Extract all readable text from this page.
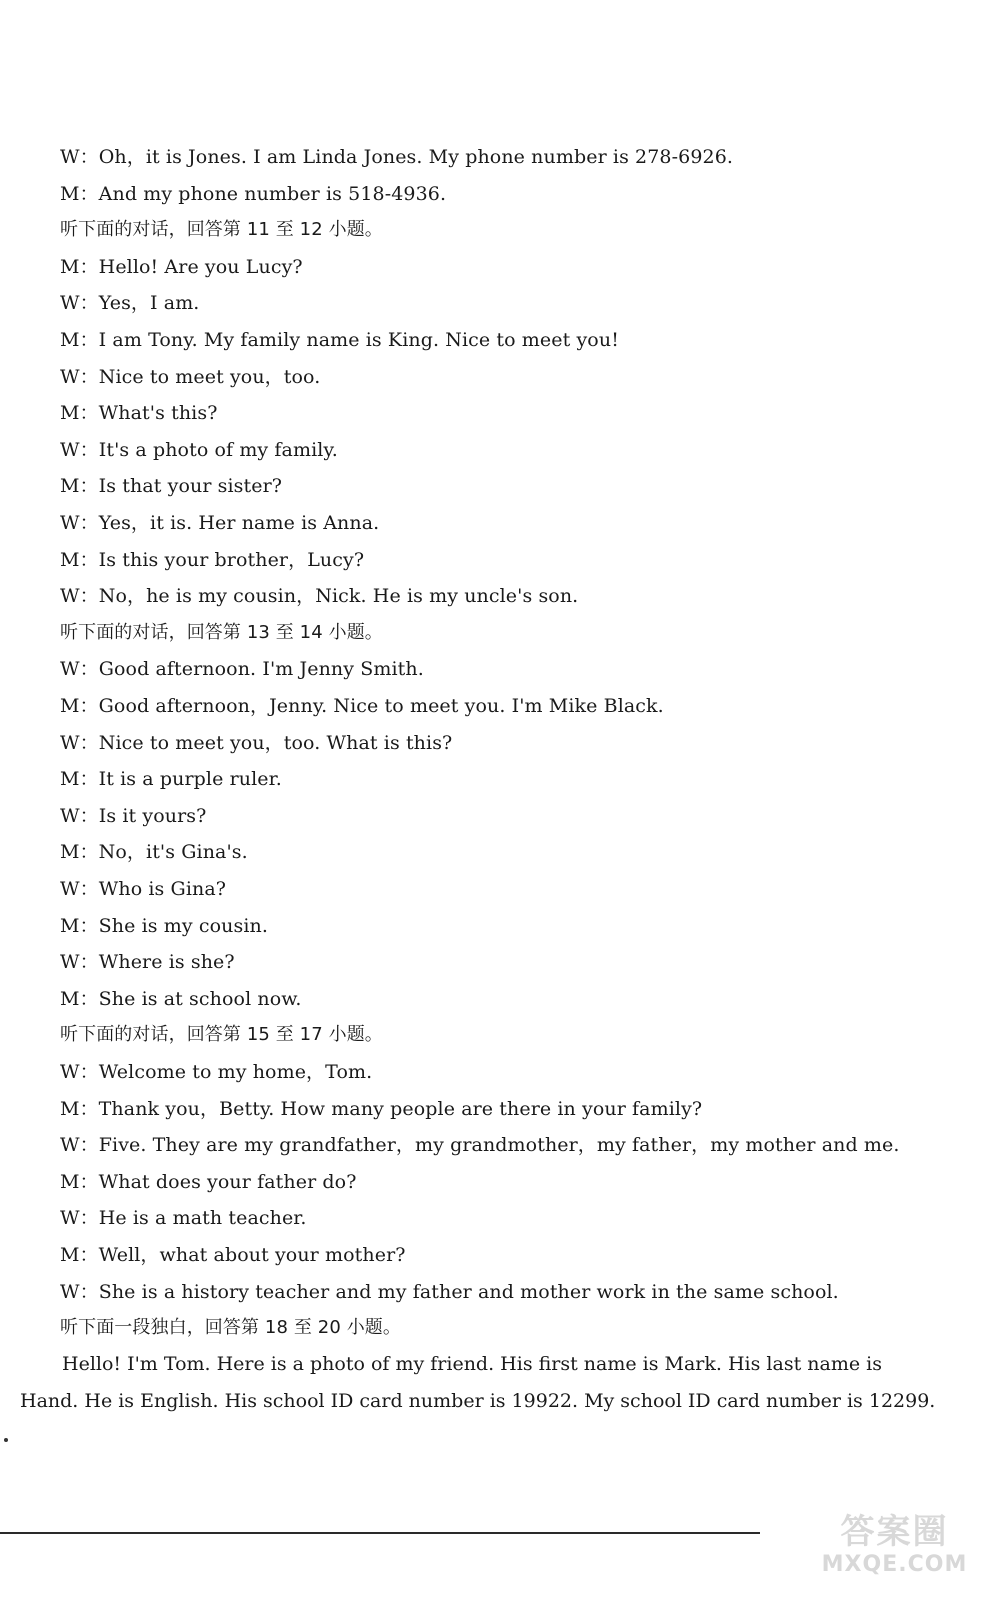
W：Oh，it is Jones. I am Linda Jones. My phone number is 278-6926.
M：And my phone number is 518-4936.
听下面的对话，回答第 11 至 12 小题。
M：Hello! Are you Lucy?
W：Yes，I am.
M：I am Tony. My family name is King. Nice to meet you!
W：Nice to meet you，too.
M：What's this?
W：It's a photo of my family.
M：Is that your sister?
W：Yes，it is. Her name is Anna.
M：Is this your brother，Lucy?
W：No，he is my cousin，Nick. He is my uncle's son.
听下面的对话，回答第 13 至 14 小题。
W：Good afternoon. I'm Jenny Smith.
M：Good afternoon，Jenny. Nice to meet you. I'm Mike Black.
W：Nice to meet you，too. What is this?
M：It is a purple ruler.
W：Is it yours?
M：No，it's Gina's.
W：Who is Gina?
M：She is my cousin.
W：Where is she?
M：She is at school now.
听下面的对话，回答第 15 至 17 小题。
W：Welcome to my home，Tom.
M：Thank you，Betty. How many people are there in your family?
W：Five. They are my grandfather，my grandmother，my father，my mother and me.
M：What does your father do?
W：He is a math teacher.
M：Well，what about your mother?
W：She is a history teacher and my father and mother work in the same school.
听下面一段独白，回答第 18 至 20 小题。
Hello! I'm Tom. Here is a photo of my friend. His first name is Mark. His last name is
Hand. He is English. His school ID card number is 19922. My school ID card number is 12299.
答案圈
MXQE.COM
